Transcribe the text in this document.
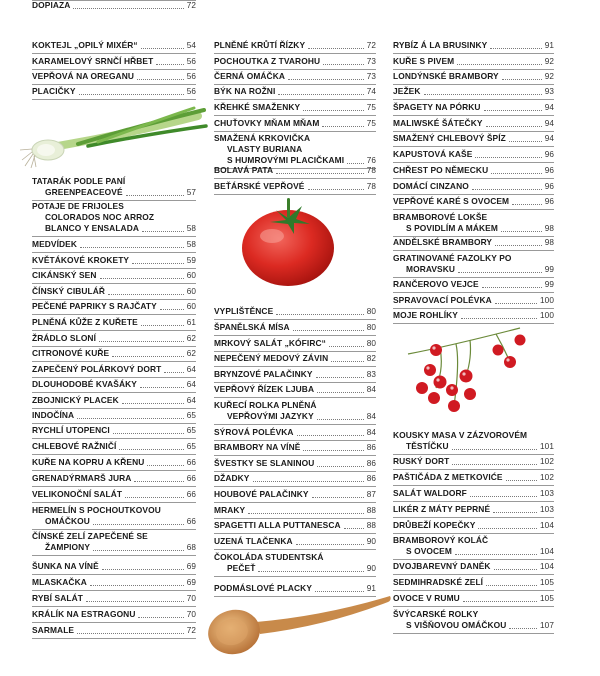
KOKTEJL „OPILÝ MIXÉR“	54
KARAMELOVÝ SRNČÍ HŘBET	56
VEPŘOVÁ NA OREGANU	56
PLACIČKY	56
TATARÁK PODLE PANÍ
GREENPEACEOVÉ	57
POTAJE DE FRIJOLES
COLORADOS NOC ARROZ
BLANCO Y ENSALADA	58
MEDVÍDEK	58
KVĚTÁKOVÉ KROKETY	59
CIKÁNSKÝ SEN	60
ČÍNSKÝ CIBULÁŘ	60
PEČENÉ PAPRIKY S RAJČATY	60
PLNĚNÁ KŮŽE Z KUŘETE	61
ŽRÁDLO SLONÍ	62
CITRONOVÉ KUŘE	62
ZAPEČENÝ POLÁRKOVÝ DORT	64
DLOUHODOBÉ KVAŠÁKY	64
ZBOJNICKÝ PLACEK	64
INDOČÍNA	65
RYCHLÍ UTOPENCI	65
CHLEBOVÉ RAŽNIČÍ	65
KUŘE NA KOPRU A KŘENU	66
GRENADÝRMARŠ JURA	66
VELIKONOČNÍ SALÁT	66
HERMELÍN S POCHOUTKOVOU
OMÁČKOU	66
ČÍNSKÉ ZELÍ ZAPEČENÉ SE
ŽAMPIONY	68
ŠUNKA NA VÍNĚ	69
MLASKAČKA	69
RYBÍ SALÁT	70
KRÁLÍK NA ESTRAGONU	70
SARMALE	72
DOPIAZA	72
PLNĚNÉ KRŮTÍ ŘÍZKY	72
POCHOUTKA Z TVAROHU	73
ČERNÁ OMÁČKA	73
BÝK NA ROŽNI	74
KŘEHKÉ SMAŽENKY	75
CHUŤOVKY MŇAM MŇAM	75
SMAŽENÁ KRKOVIČKA
VLASTY BURIANA
S HUMROVÝMI PLACIČKAMI	76
BOLAVÁ PATA	78
BEŤÁRSKÉ VEPŘOVÉ	78
VYPLIŠTĚNCE	80
ŠPANĚLSKÁ MÍSA	80
MRKOVÝ SALÁT „KÓFIRC“	80
NEPEČENÝ MEDOVÝ ZÁVIN	82
BRYNZOVÉ PALAČINKY	83
VEPŘOVÝ ŘÍZEK LJUBA	84
KUŘECÍ ROLKA PLNĚNÁ
VEPŘOVÝMI JAZYKY	84
SÝROVÁ POLÉVKA	84
BRAMBORY NA VÍNĚ	86
ŠVESTKY SE SLANINOU	86
DŽADKY	86
HOUBOVÉ PALAČINKY	87
MRAKY	88
SPAGETTI ALLA PUTTANESCA	88
UZENÁ TLAČENKA	90
ČOKOLÁDA STUDENTSKÁ
PEČEŤ	90
PODMÁSLOVÉ PLACKY	91
RYBÍZ Á LA BRUSINKY	91
KUŘE S PIVEM	92
LONDÝNSKÉ BRAMBORY	92
JEŽEK	93
ŠPAGETY NA PÓRKU	94
MALIWSKÉ ŠÁTEČKY	94
SMAŽENÝ CHLEBOVÝ ŠPÍZ	94
KAPUSTOVÁ KAŠE	96
CHŘEST PO NĚMECKU	96
DOMÁCÍ CINZANO	96
VEPŘOVÉ KARÉ S OVOCEM	96
BRAMBOROVÉ LOKŠE
S POVIDLÍM A MÁKEM	98
ANDĚLSKÉ BRAMBORY	98
GRATINOVANÉ FAZOLKY PO
MORAVSKU	99
RANČEROVO VEJCE	99
SPRAVOVACÍ POLÉVKA	100
MOJE ROHLÍKY	100
KOUSKY MASA V ZÁZVOROVÉM
TĚSTÍČKU	101
RUSKÝ DORT	102
PAŠTIČÁDA Z METKOVIĆE	102
SALÁT WALDORF	103
LIKÉR Z MÁTY PEPRNÉ	103
DRŮBEŽÍ KOPEČKY	104
BRAMBOROVÝ KOLÁČ
S OVOCEM	104
DVOJBAREVNÝ DANĚK	104
SEDMIHRADSKÉ ZELÍ	105
OVOCE V RUMU	105
ŠVÝCARSKÉ ROLKY
S VIŠŇOVOU OMÁČKOU	107
